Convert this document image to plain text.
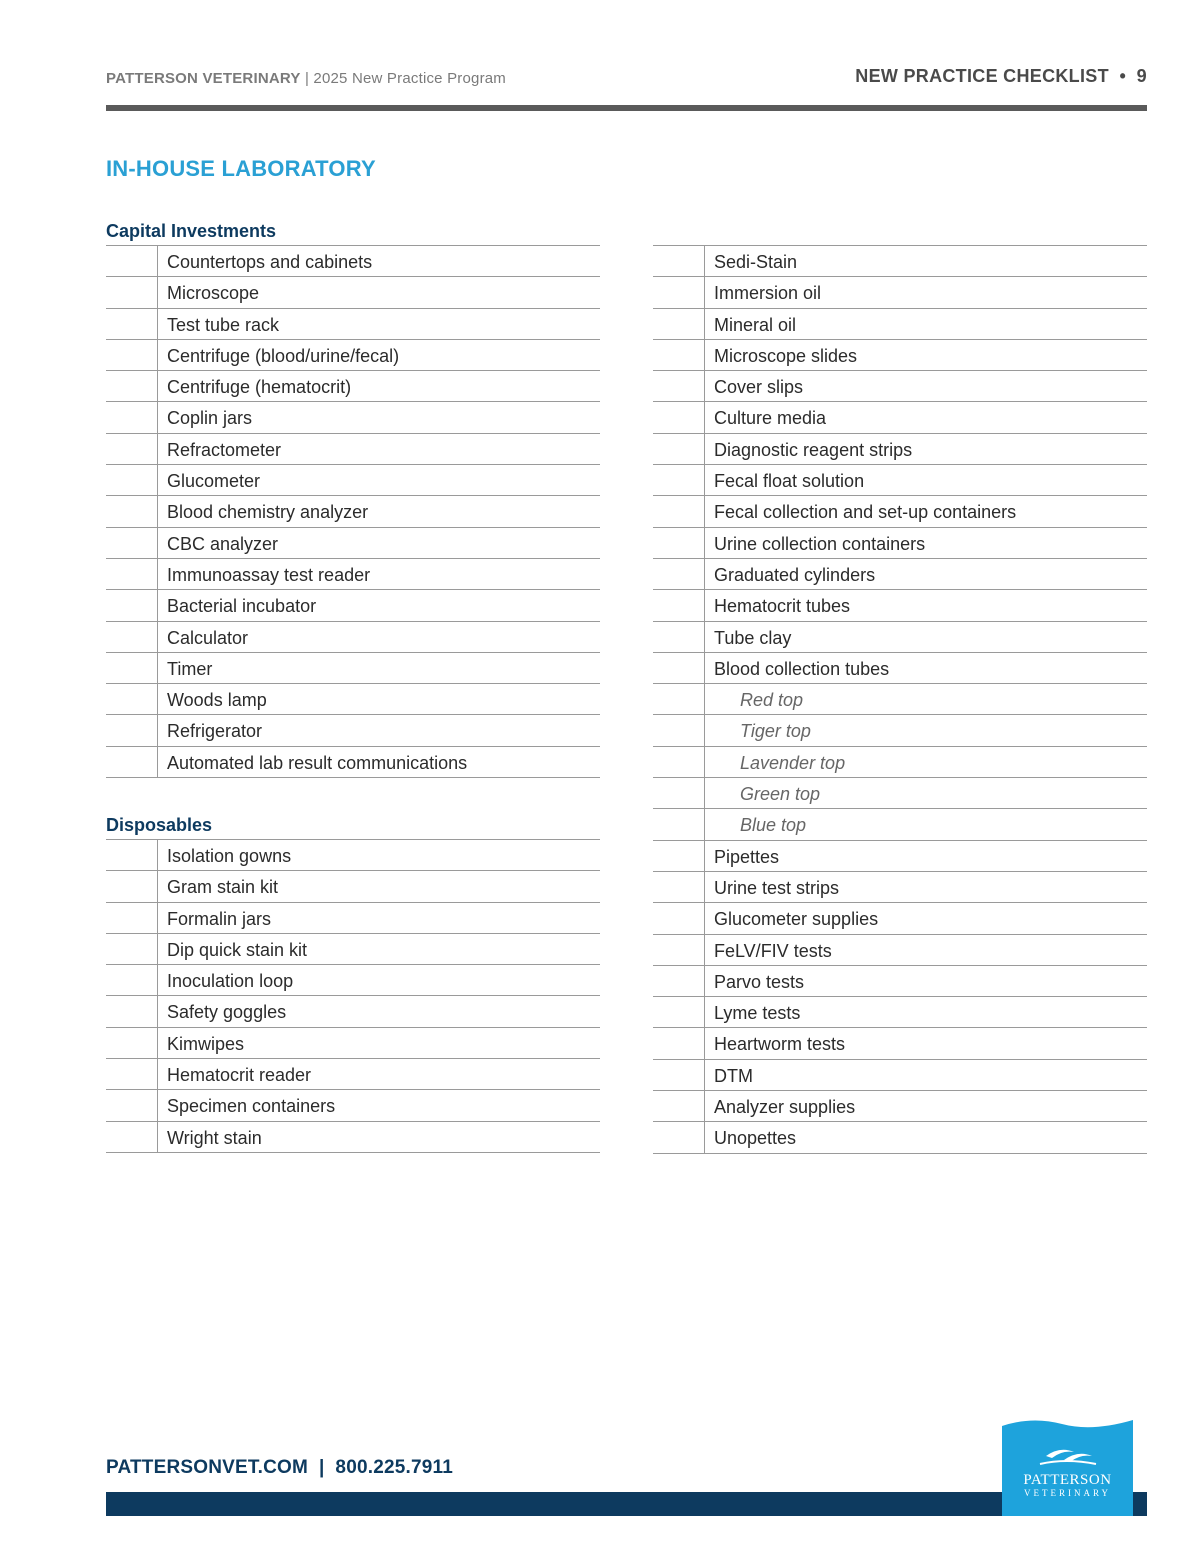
PATTERSON VETERINARY | 2025 New Practice Program	NEW PRACTICE CHECKLIST  •  9
IN-HOUSE LABORATORY
Capital Investments
Countertops and cabinets
Microscope
Test tube rack
Centrifuge (blood/urine/fecal)
Centrifuge (hematocrit)
Coplin jars
Refractometer
Glucometer
Blood chemistry analyzer
CBC analyzer
Immunoassay test reader
Bacterial incubator
Calculator
Timer
Woods lamp
Refrigerator
Automated lab result communications
Disposables
Isolation gowns
Gram stain kit
Formalin jars
Dip quick stain kit
Inoculation loop
Safety goggles
Kimwipes
Hematocrit reader
Specimen containers
Wright stain
Sedi-Stain
Immersion oil
Mineral oil
Microscope slides
Cover slips
Culture media
Diagnostic reagent strips
Fecal float solution
Fecal collection and set-up containers
Urine collection containers
Graduated cylinders
Hematocrit tubes
Tube clay
Blood collection tubes
Red top
Tiger top
Lavender top
Green top
Blue top
Pipettes
Urine test strips
Glucometer supplies
FeLV/FIV tests
Parvo tests
Lyme tests
Heartworm tests
DTM
Analyzer supplies
Unopettes
PATTERSONVET.COM  |  800.225.7911
PATTERSON
VETERINARY
